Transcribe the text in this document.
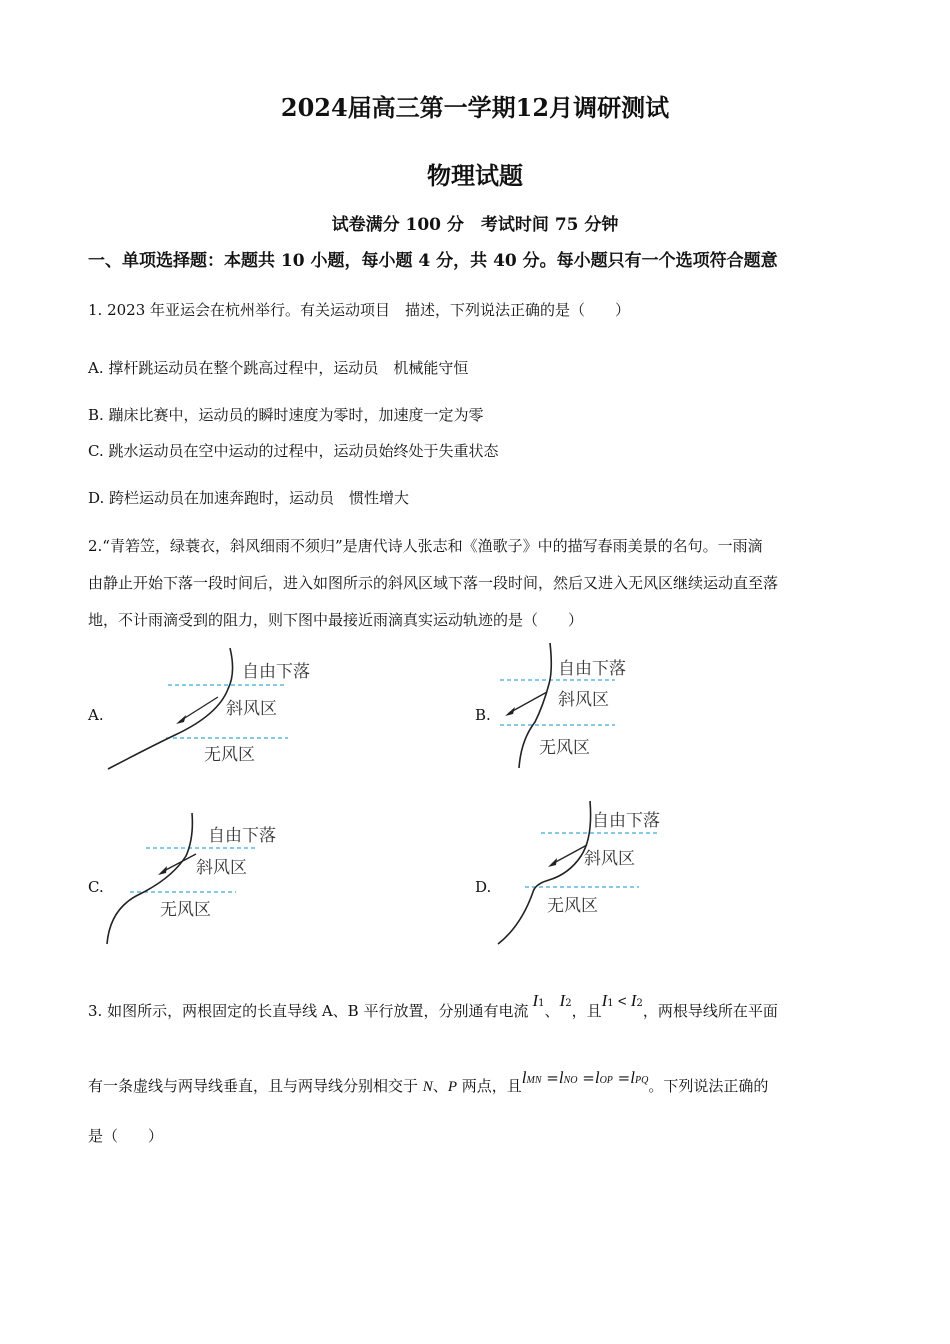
2024届高三第一学期12月调研测试
物理试题
试卷满分 100 分　考试时间 75 分钟
一、单项选择题：本题共 10 小题，每小题 4 分，共 40 分。每小题只有一个选项符合题意
1. 2023 年亚运会在杭州举行。有关运动项目　描述，下列说法正确的是（　　）
A. 撑杆跳运动员在整个跳高过程中，运动员　机械能守恒
B. 蹦床比赛中，运动员的瞬时速度为零时，加速度一定为零
C. 跳水运动员在空中运动的过程中，运动员始终处于失重状态
D. 跨栏运动员在加速奔跑时，运动员　惯性增大
2.“青箬笠，绿蓑衣，斜风细雨不须归”是唐代诗人张志和《渔歌子》中的描写春雨美景的名句。一雨滴
由静止开始下落一段时间后，进入如图所示的斜风区域下落一段时间，然后又进入无风区继续运动直至落
地，不计雨滴受到的阻力，则下图中最接近雨滴真实运动轨迹的是（　　）
A.	B.
C.	D.
自由下落
斜风区
无风区
自由下落
斜风区
无风区
自由下落
斜风区
无风区
自由下落
斜风区
无风区
3. 如图所示，两根固定的长直导线 A、B 平行放置，分别通有电流I1、I2，且I1 < I2，两根导线所在平面
有一条虚线与两导线垂直，且与两导线分别相交于 N、P 两点，且lMN =lNO =lOP =lPQ。下列说法正确的
是（　　）
